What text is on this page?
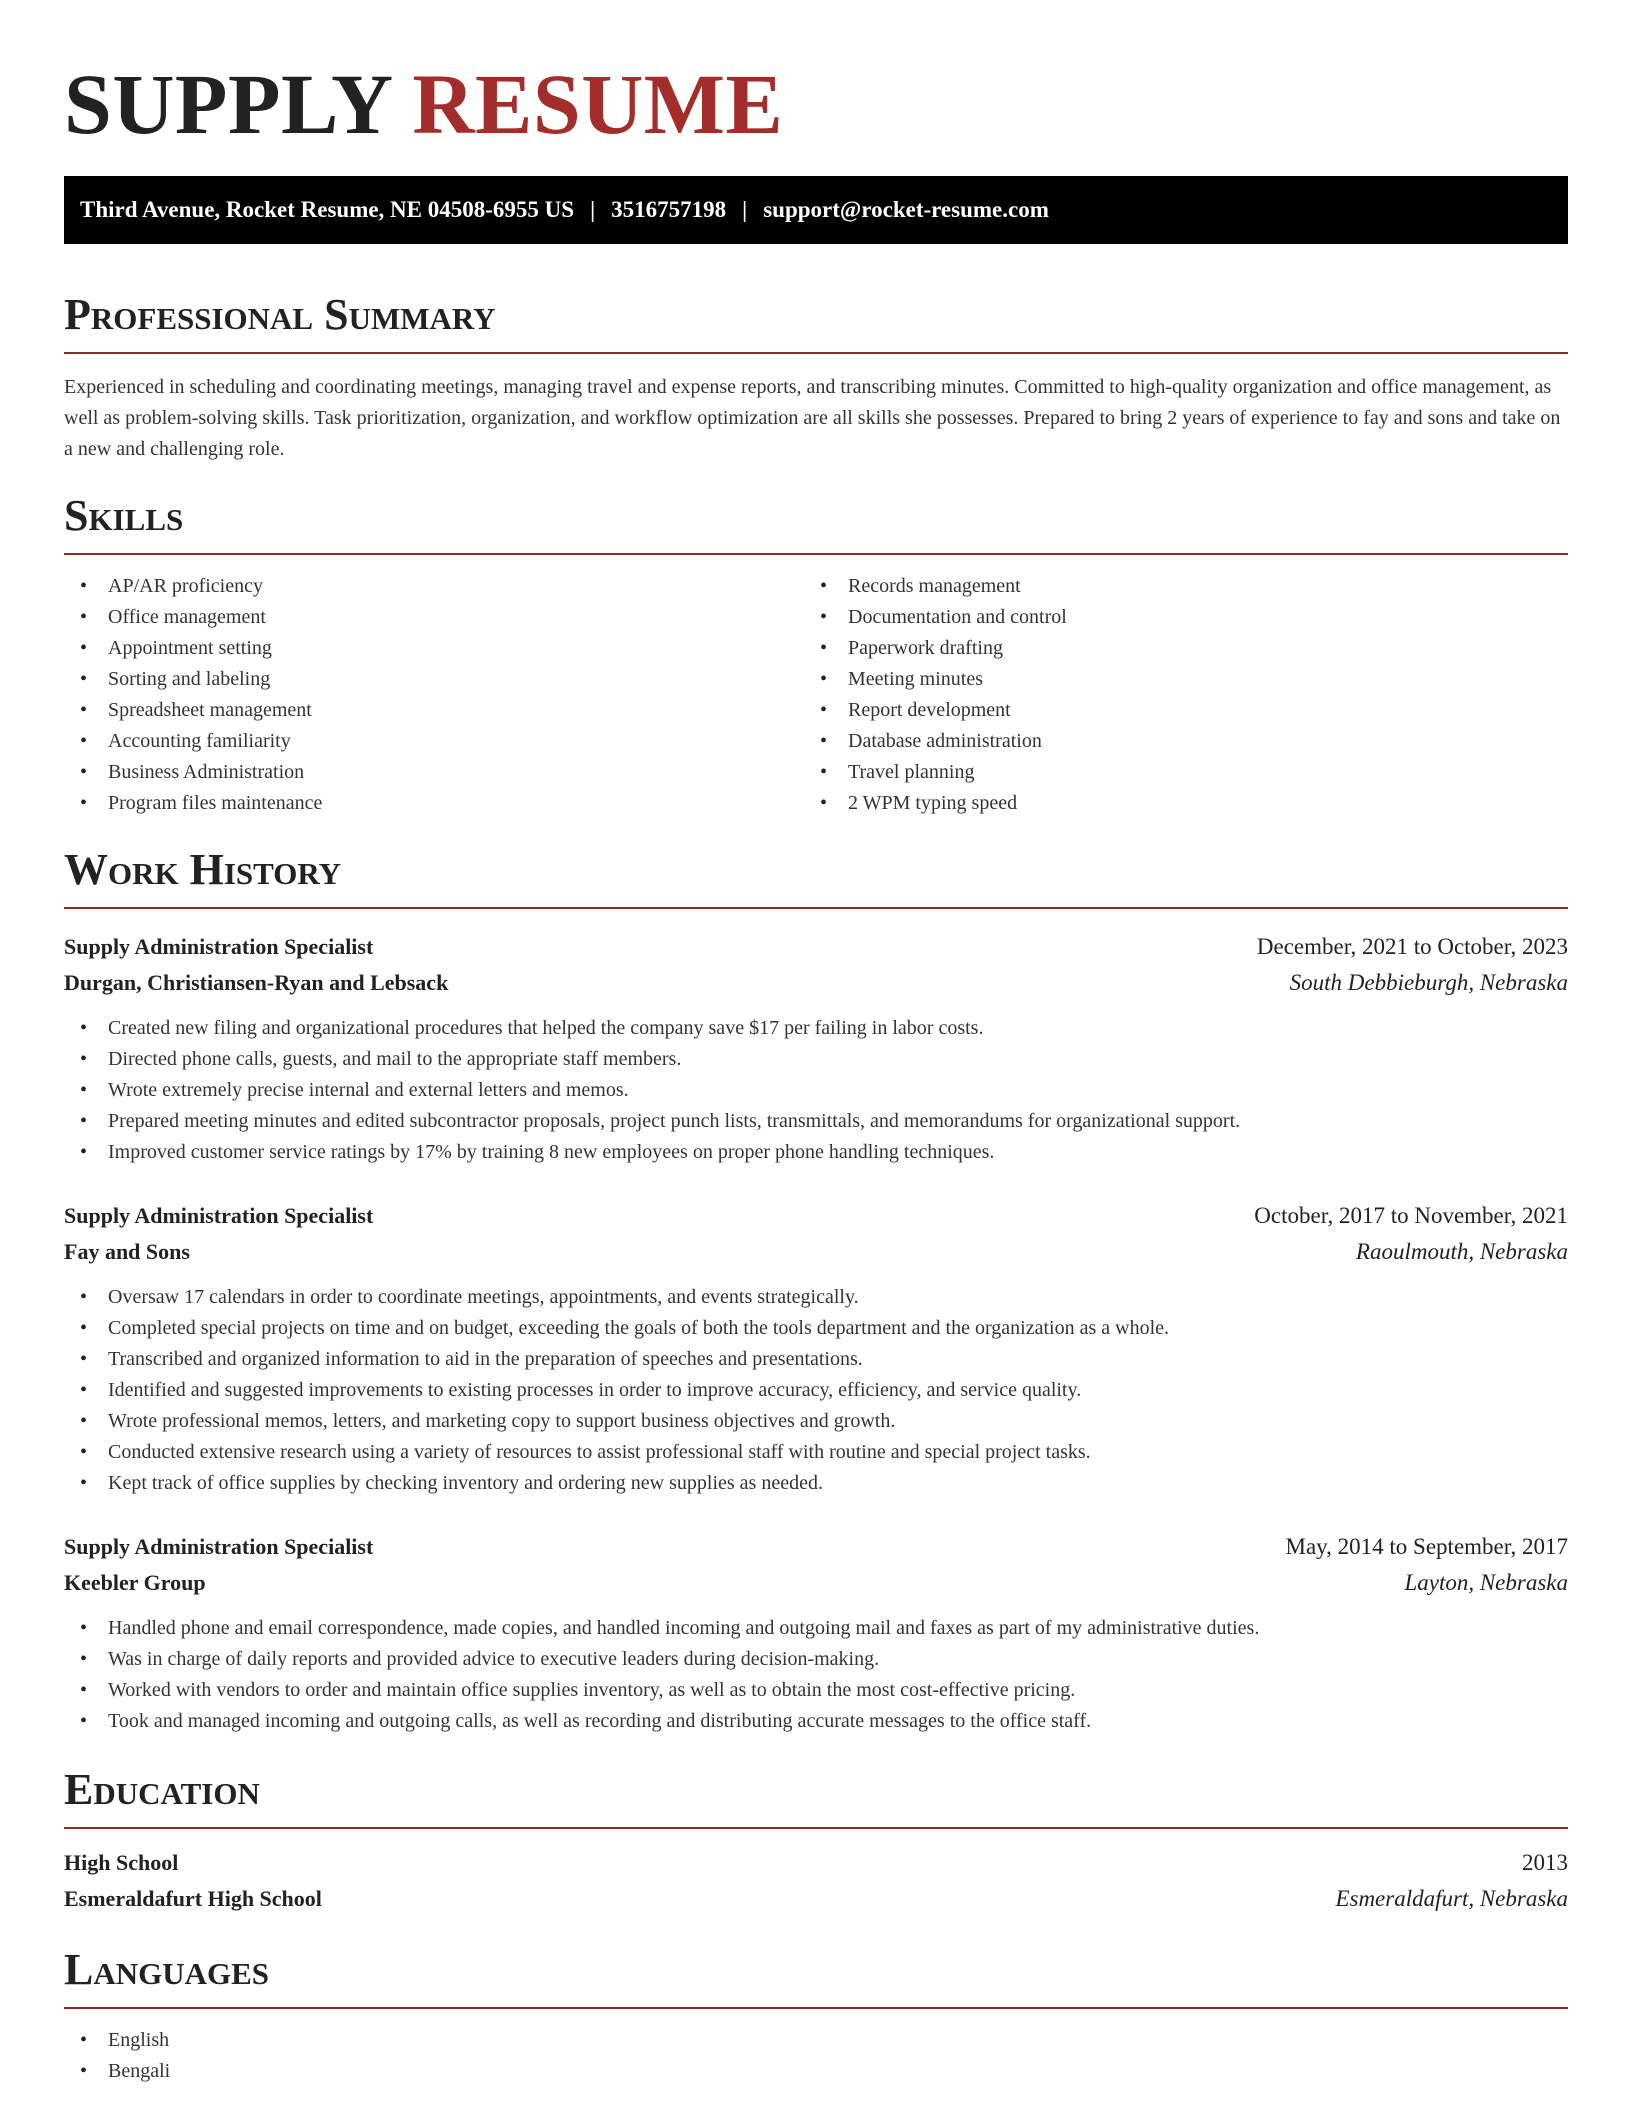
SUPPLY RESUME
Third Avenue, Rocket Resume, NE 04508-6955 US | 3516757198 | support@rocket-resume.com
Professional Summary

Experienced in scheduling and coordinating meetings, managing travel and expense reports, and transcribing minutes. Committed to high-quality organization and office management, as well as problem-solving skills. Task prioritization, organization, and workflow optimization are all skills she possesses. Prepared to bring 2 years of experience to fay and sons and take on a new and challenging role.

Skills
• AP/AR proficiency
• Office management
• Appointment setting
• Sorting and labeling
• Spreadsheet management
• Accounting familiarity
• Business Administration
• Program files maintenance
• Records management
• Documentation and control
• Paperwork drafting
• Meeting minutes
• Report development
• Database administration
• Travel planning
• 2 WPM typing speed
Work History
Supply Administration Specialist	December, 2021 to October, 2023
Durgan, Christiansen-Ryan and Lebsack	South Debbieburgh, Nebraska
• Created new filing and organizational procedures that helped the company save $17 per failing in labor costs.
• Directed phone calls, guests, and mail to the appropriate staff members.
• Wrote extremely precise internal and external letters and memos.
• Prepared meeting minutes and edited subcontractor proposals, project punch lists, transmittals, and memorandums for organizational support.
• Improved customer service ratings by 17% by training 8 new employees on proper phone handling techniques.
Supply Administration Specialist	October, 2017 to November, 2021
Fay and Sons	Raoulmouth, Nebraska
• Oversaw 17 calendars in order to coordinate meetings, appointments, and events strategically.
• Completed special projects on time and on budget, exceeding the goals of both the tools department and the organization as a whole.
• Transcribed and organized information to aid in the preparation of speeches and presentations.
• Identified and suggested improvements to existing processes in order to improve accuracy, efficiency, and service quality.
• Wrote professional memos, letters, and marketing copy to support business objectives and growth.
• Conducted extensive research using a variety of resources to assist professional staff with routine and special project tasks.
• Kept track of office supplies by checking inventory and ordering new supplies as needed.
Supply Administration Specialist	May, 2014 to September, 2017
Keebler Group	Layton, Nebraska
• Handled phone and email correspondence, made copies, and handled incoming and outgoing mail and faxes as part of my administrative duties.
• Was in charge of daily reports and provided advice to executive leaders during decision-making.
• Worked with vendors to order and maintain office supplies inventory, as well as to obtain the most cost-effective pricing.
• Took and managed incoming and outgoing calls, as well as recording and distributing accurate messages to the office staff.
Education
High School	2013
Esmeraldafurt High School	Esmeraldafurt, Nebraska
Languages
• English
• Bengali
